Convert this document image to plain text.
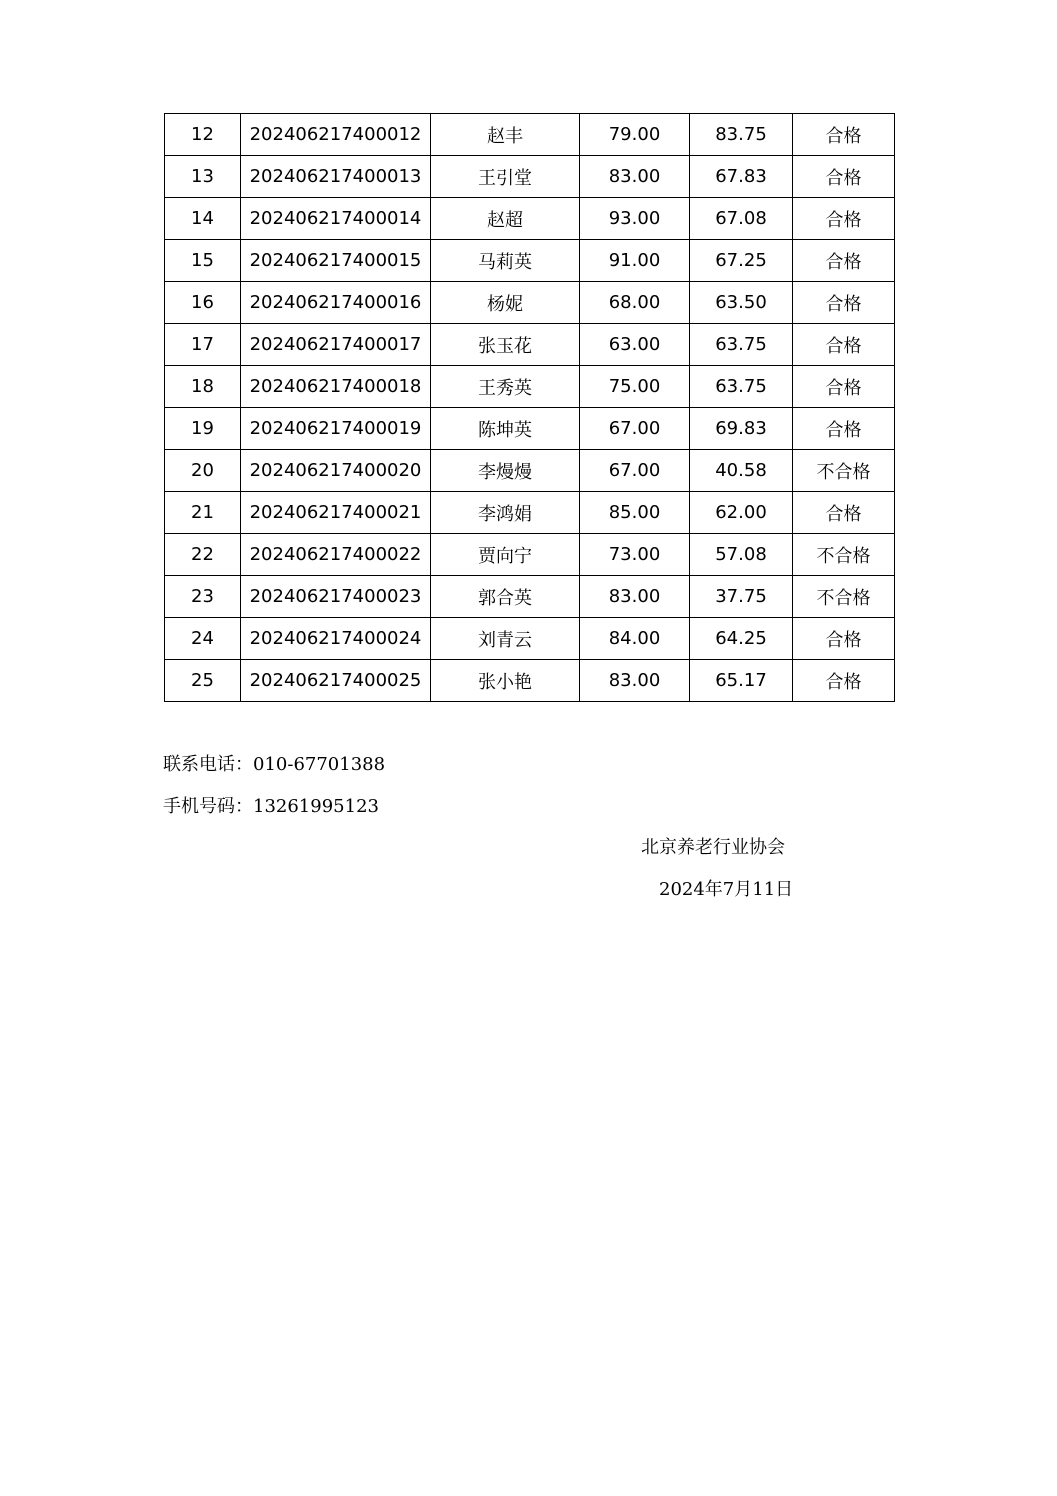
12	202406217400012	赵丰	79.00	83.75	合格
13	202406217400013	王引堂	83.00	67.83	合格
14	202406217400014	赵超	93.00	67.08	合格
15	202406217400015	马莉英	91.00	67.25	合格
16	202406217400016	杨妮	68.00	63.50	合格
17	202406217400017	张玉花	63.00	63.75	合格
18	202406217400018	王秀英	75.00	63.75	合格
19	202406217400019	陈坤英	67.00	69.83	合格
20	202406217400020	李熳熳	67.00	40.58	不合格
21	202406217400021	李鸿娟	85.00	62.00	合格
22	202406217400022	贾向宁	73.00	57.08	不合格
23	202406217400023	郭合英	83.00	37.75	不合格
24	202406217400024	刘青云	84.00	64.25	合格
25	202406217400025	张小艳	83.00	65.17	合格
联系电话：010-67701388
手机号码：13261995123
北京养老行业协会
2024年7月11日
